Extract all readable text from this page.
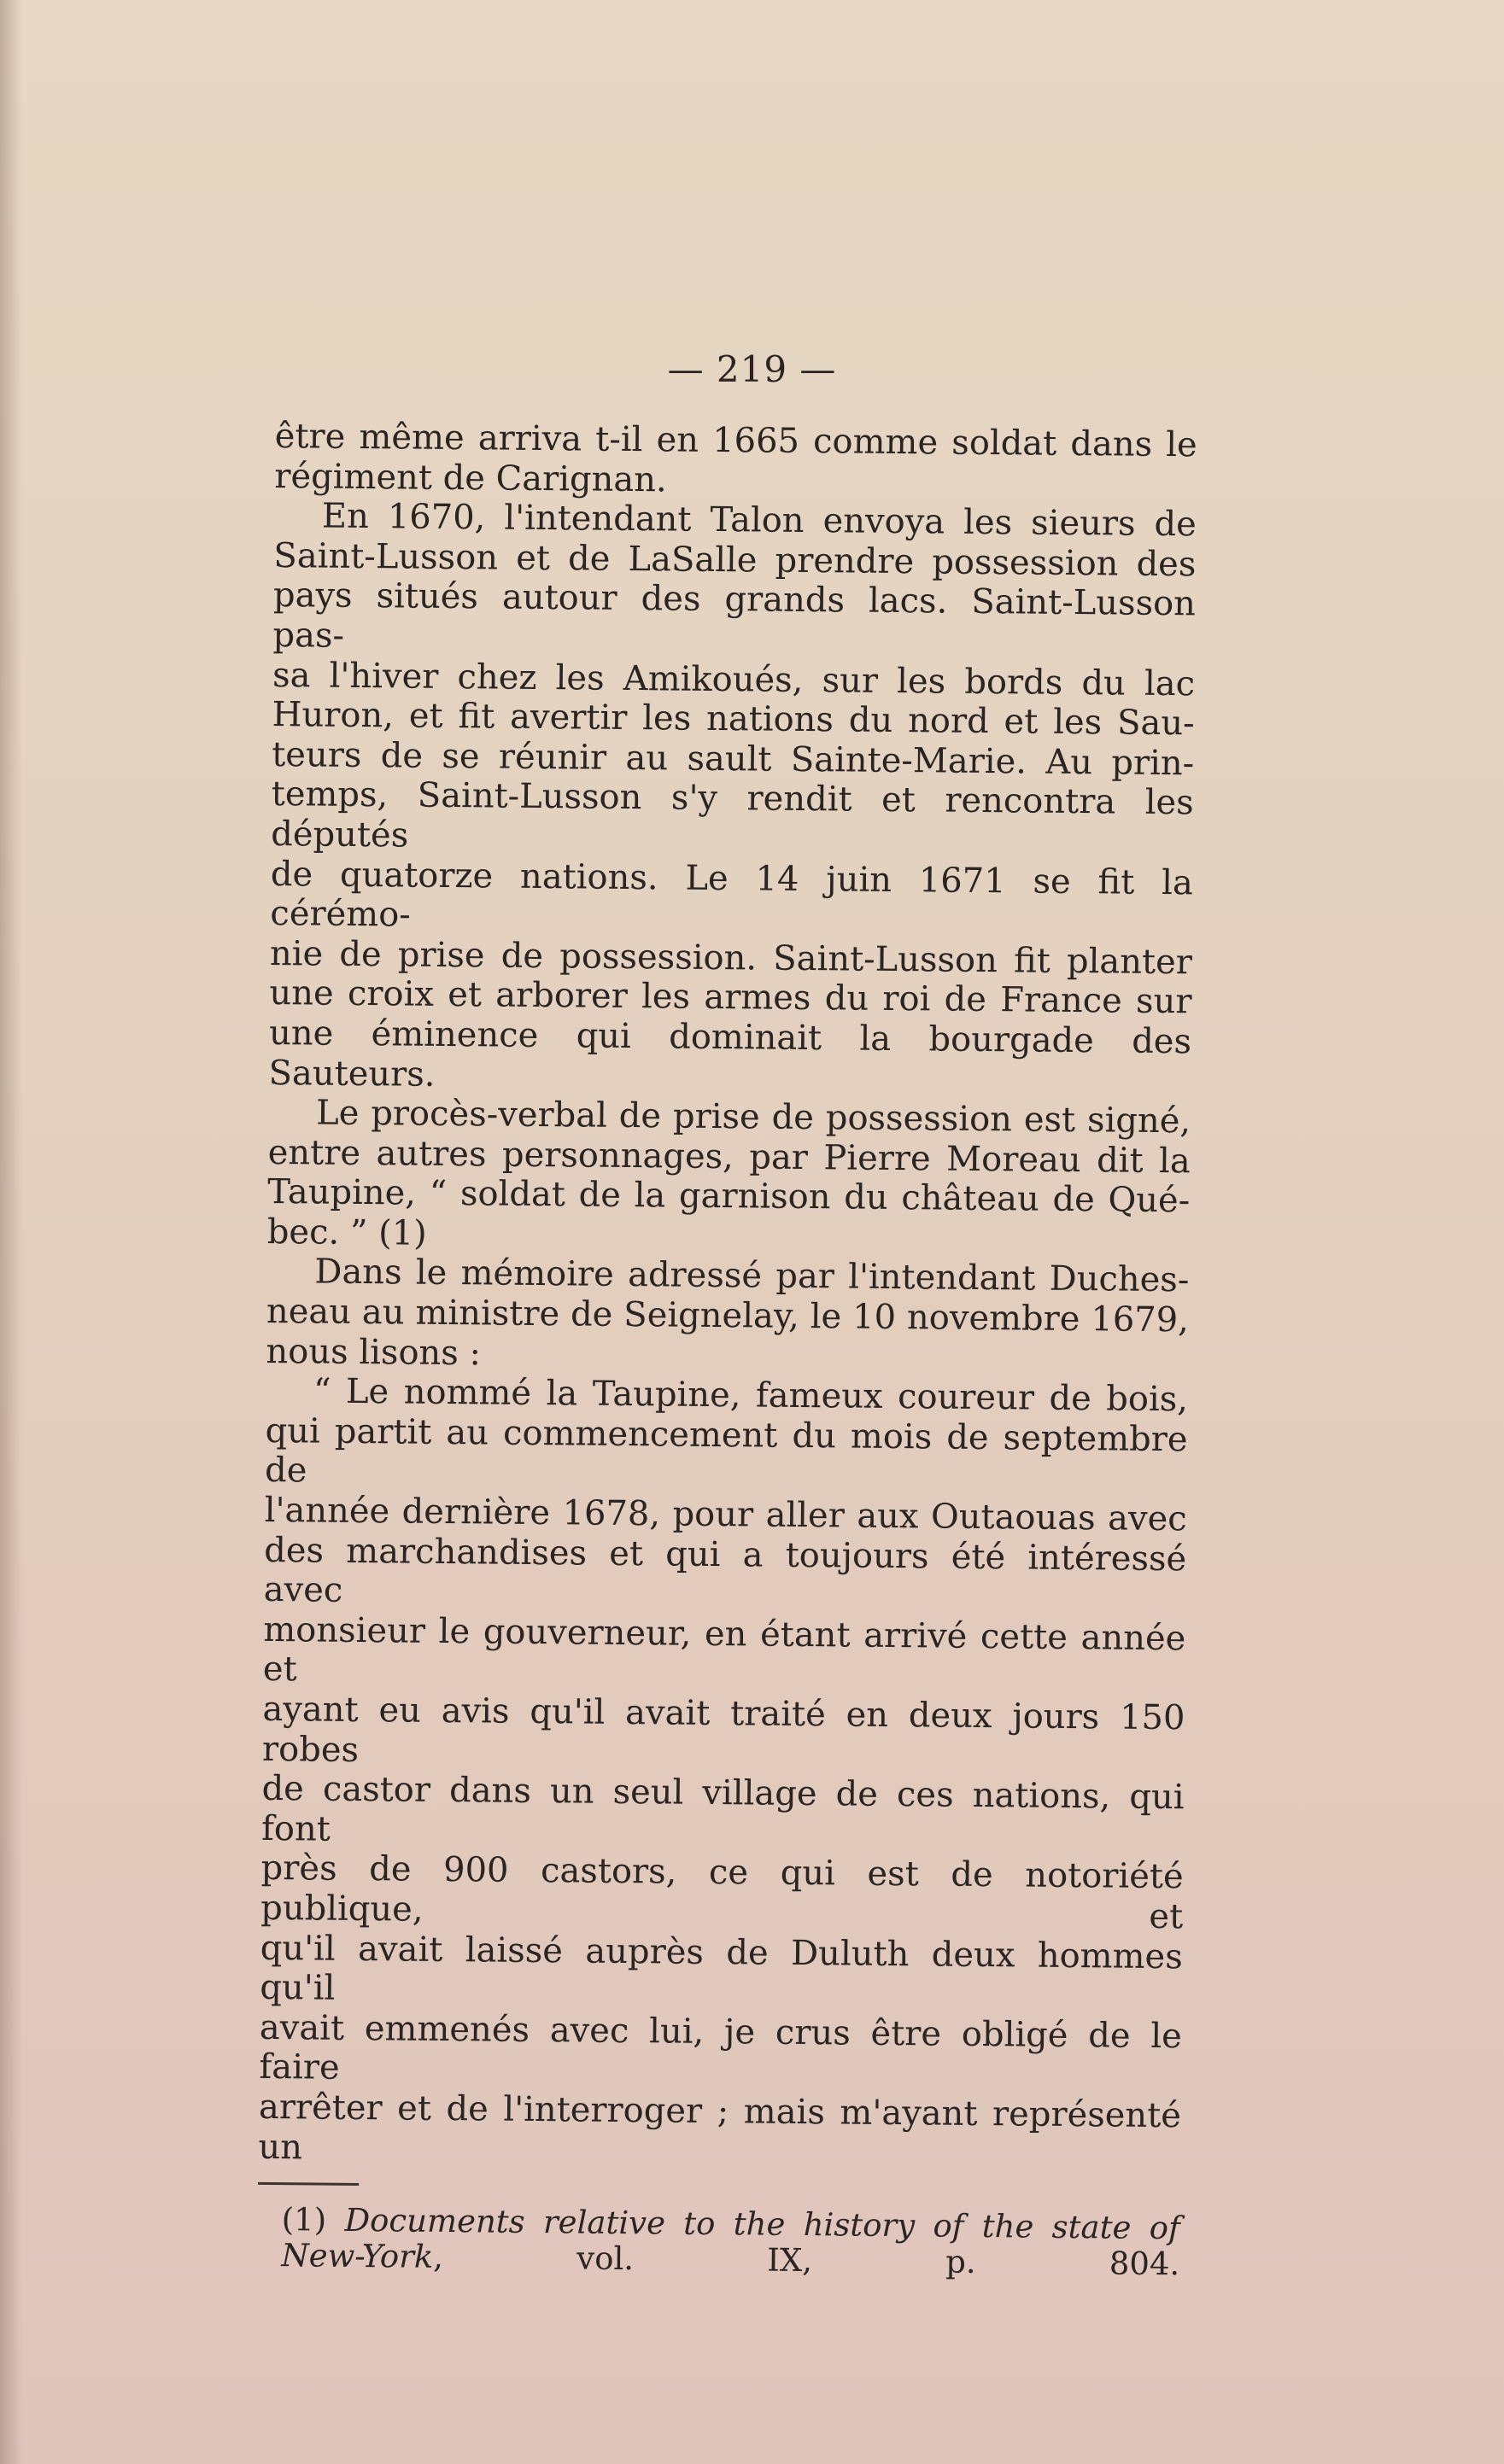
— 219 —

être même arriva t-il en 1665 comme soldat dans le

régiment de Carignan.

En 1670, l'intendant Talon envoya les sieurs de

Saint-Lusson et de LaSalle prendre possession des

pays situés autour des grands lacs. Saint-Lusson pas-

sa l'hiver chez les Amikoués, sur les bords du lac

Huron, et fit avertir les nations du nord et les Sau-

teurs de se réunir au sault Sainte-Marie. Au prin-

temps, Saint-Lusson s'y rendit et rencontra les députés

de quatorze nations. Le 14 juin 1671 se fit la cérémo-

nie de prise de possession. Saint-Lusson fit planter

une croix et arborer les armes du roi de France sur

une éminence qui dominait la bourgade des Sauteurs.

Le procès-verbal de prise de possession est signé,

entre autres personnages, par Pierre Moreau dit la

Taupine, “ soldat de la garnison du château de Qué-

bec. ” (1)

Dans le mémoire adressé par l'intendant Duches-

neau au ministre de Seignelay, le 10 novembre 1679,

nous lisons :

“ Le nommé la Taupine, fameux coureur de bois,

qui partit au commencement du mois de septembre de

l'année dernière 1678, pour aller aux Outaouas avec

des marchandises et qui a toujours été intéressé avec

monsieur le gouverneur, en étant arrivé cette année et

ayant eu avis qu'il avait traité en deux jours 150 robes

de castor dans un seul village de ces nations, qui font

près de 900 castors, ce qui est de notoriété publique, et

qu'il avait laissé auprès de Duluth deux hommes qu'il

avait emmenés avec lui, je crus être obligé de le faire

arrêter et de l'interroger ; mais m'ayant représenté un

(1) Documents relative to the history of the state of New-York, vol. IX, p. 804.
